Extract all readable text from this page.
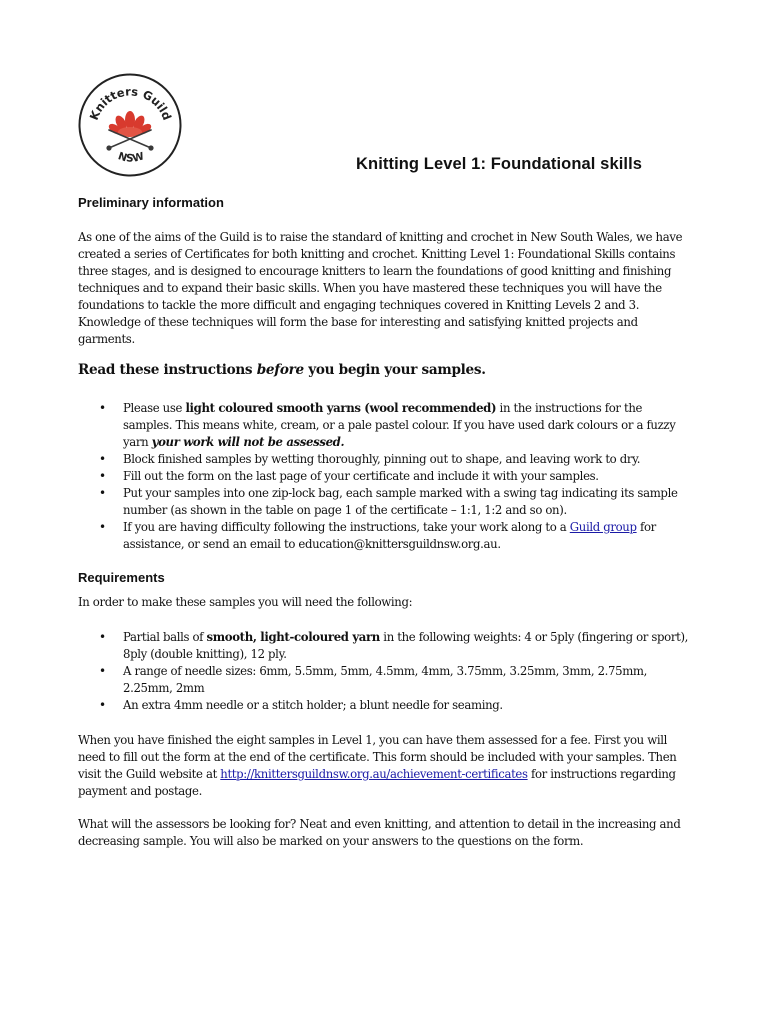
Knitters Guild
NSW	Knitting Level 1: Foundational skills
Preliminary information

As one of the aims of the Guild is to raise the standard of knitting and crochet in New South Wales, we have created a series of Certificates for both knitting and crochet. Knitting Level 1: Foundational Skills contains three stages, and is designed to encourage knitters to learn the foundations of good knitting and finishing techniques and to expand their basic skills. When you have mastered these techniques you will have the foundations to tackle the more difficult and engaging techniques covered in Knitting Levels 2 and 3. Knowledge of these techniques will form the base for interesting and satisfying knitted projects and garments.

Read these instructions before you begin your samples.
• Please use light coloured smooth yarns (wool recommended) in the instructions for the samples. This means white, cream, or a pale pastel colour. If you have used dark colours or a fuzzy yarn your work will not be assessed.
• Block finished samples by wetting thoroughly, pinning out to shape, and leaving work to dry.
• Fill out the form on the last page of your certificate and include it with your samples.
• Put your samples into one zip-lock bag, each sample marked with a swing tag indicating its sample number (as shown in the table on page 1 of the certificate – 1:1, 1:2 and so on).
• If you are having difficulty following the instructions, take your work along to a Guild group for assistance, or send an email to education@knittersguildnsw.org.au.
Requirements

In order to make these samples you will need the following:

• Partial balls of smooth, light-coloured yarn in the following weights: 4 or 5ply (fingering or sport), 8ply (double knitting), 12 ply.
• A range of needle sizes: 6mm, 5.5mm, 5mm, 4.5mm, 4mm, 3.75mm, 3.25mm, 3mm, 2.75mm, 2.25mm, 2mm
• An extra 4mm needle or a stitch holder; a blunt needle for seaming.

When you have finished the eight samples in Level 1, you can have them assessed for a fee. First you will need to fill out the form at the end of the certificate. This form should be included with your samples. Then visit the Guild website at http://knittersguildnsw.org.au/achievement-certificates for instructions regarding payment and postage.

What will the assessors be looking for? Neat and even knitting, and attention to detail in the increasing and decreasing sample. You will also be marked on your answers to the questions on the form.
